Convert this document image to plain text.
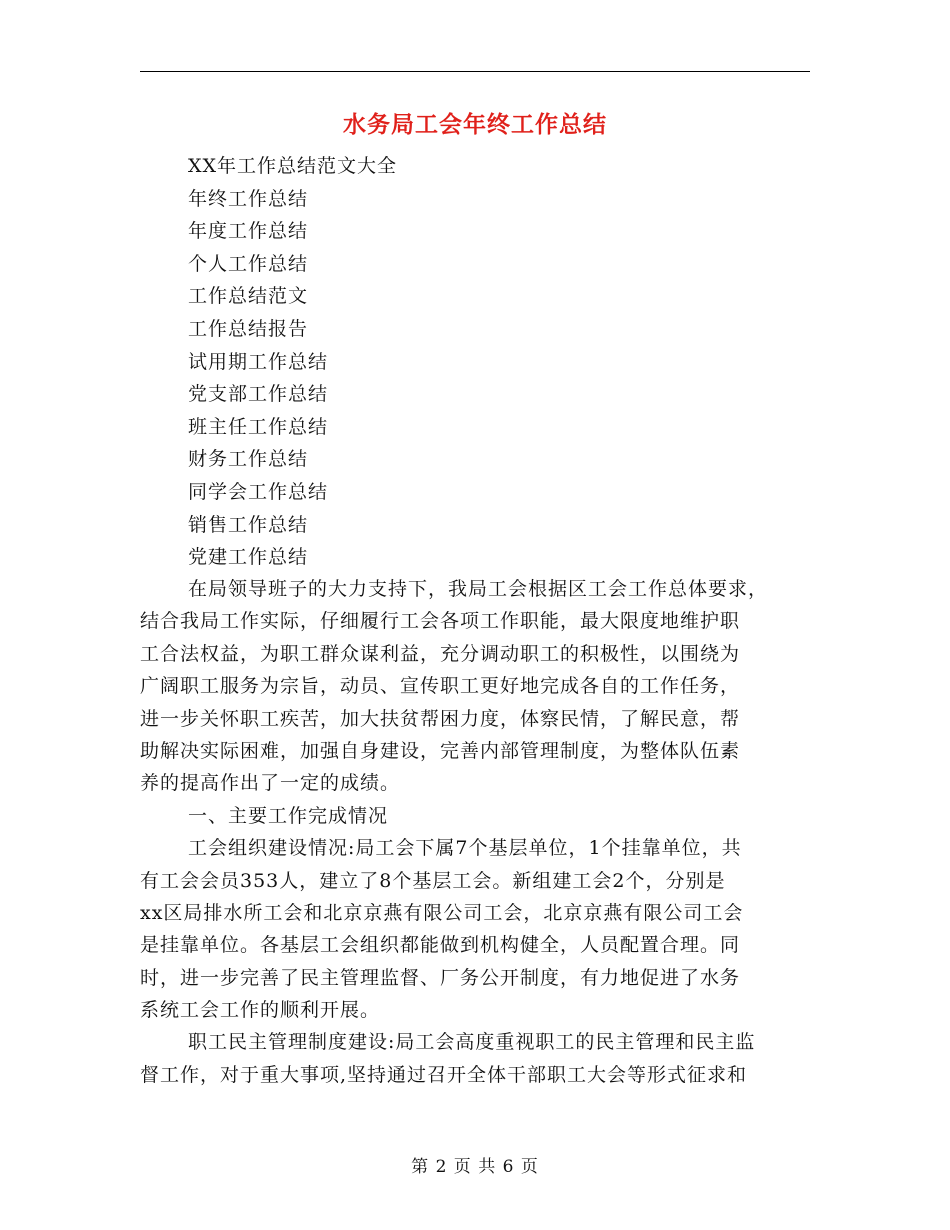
水务局工会年终工作总结
XX年工作总结范文大全
年终工作总结
年度工作总结
个人工作总结
工作总结范文
工作总结报告
试用期工作总结
党支部工作总结
班主任工作总结
财务工作总结
同学会工作总结
销售工作总结
党建工作总结
在局领导班子的大力支持下，我局工会根据区工会工作总体要求，
结合我局工作实际，仔细履行工会各项工作职能，最大限度地维护职
工合法权益，为职工群众谋利益，充分调动职工的积极性，以围绕为
广阔职工服务为宗旨，动员、宣传职工更好地完成各自的工作任务，
进一步关怀职工疾苦，加大扶贫帮困力度，体察民情，了解民意，帮
助解决实际困难，加强自身建设，完善内部管理制度，为整体队伍素
养的提高作出了一定的成绩。
一、主要工作完成情况
工会组织建设情况:局工会下属7个基层单位，1个挂靠单位，共
有工会会员353人，建立了8个基层工会。新组建工会2个，分别是
xx区局排水所工会和北京京燕有限公司工会，北京京燕有限公司工会
是挂靠单位。各基层工会组织都能做到机构健全，人员配置合理。同
时，进一步完善了民主管理监督、厂务公开制度，有力地促进了水务
系统工会工作的顺利开展。
职工民主管理制度建设:局工会高度重视职工的民主管理和民主监
督工作，对于重大事项,坚持通过召开全体干部职工大会等形式征求和
第 2 页 共 6 页
